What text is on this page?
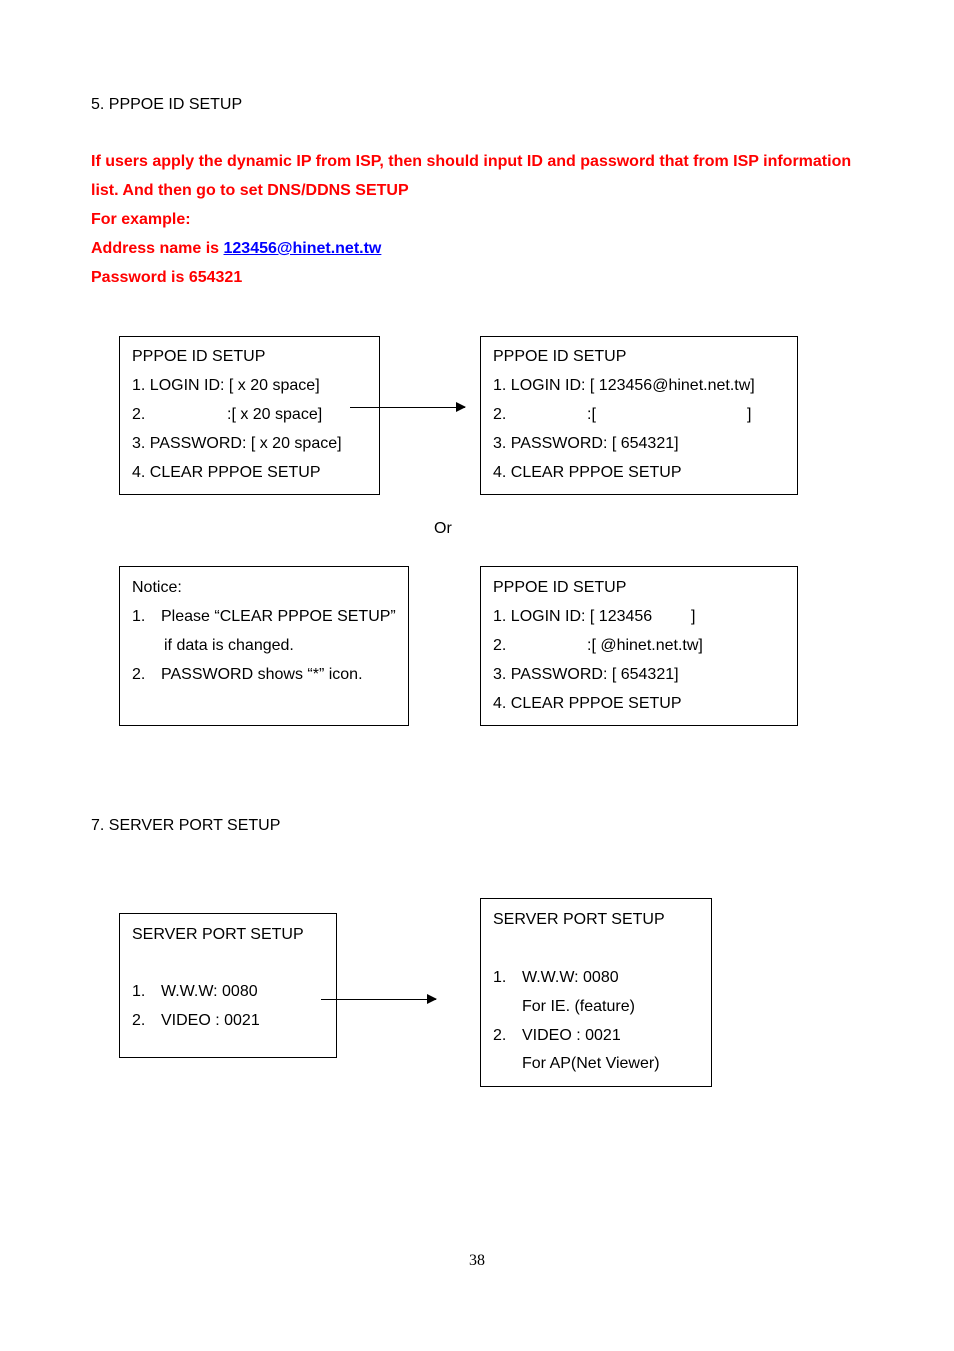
5. PPPOE ID SETUP
If users apply the dynamic IP from ISP, then should input ID and password that from ISP information
list. And then go to set DNS/DDNS SETUP
For example:
Address name is 123456@hinet.net.tw
Password is 654321
PPPOE ID SETUP
1. LOGIN ID: [ x 20 space]
2.	:[ x 20 space]
3. PASSWORD: [ x 20 space]
4. CLEAR PPPOE SETUP
PPPOE ID SETUP
1. LOGIN ID: [ 123456@hinet.net.tw]
2.	:[	]
3. PASSWORD: [ 654321]
4. CLEAR PPPOE SETUP
Or
Notice:
1. Please “CLEAR PPPOE SETUP”
if data is changed.
2. PASSWORD shows “*” icon.
PPPOE ID SETUP
1. LOGIN ID: [ 123456 ]
2.	:[ @hinet.net.tw]
3. PASSWORD: [ 654321]
4. CLEAR PPPOE SETUP
7. SERVER PORT SETUP
SERVER PORT SETUP
1. W.W.W: 0080
2. VIDEO : 0021
SERVER PORT SETUP
1. W.W.W: 0080
For IE. (feature)
2. VIDEO : 0021
For AP(Net Viewer)
38
